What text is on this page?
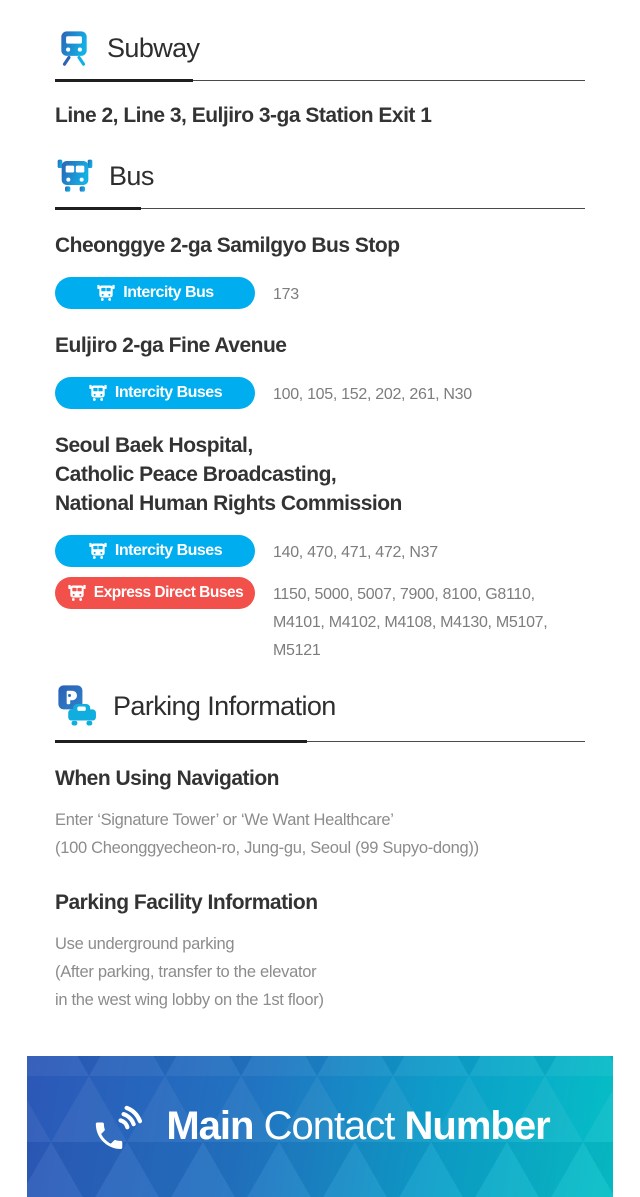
Subway
Line 2, Line 3, Euljiro 3-ga Station Exit 1
Bus
Cheonggye 2-ga Samilgyo Bus Stop
Intercity Bus	173
Euljiro 2-ga Fine Avenue
Intercity Buses	100, 105, 152, 202, 261, N30
Seoul Baek Hospital,
Catholic Peace Broadcasting,
National Human Rights Commission
Intercity Buses	140, 470, 471, 472, N37
Express Direct Buses 1150, 5000, 5007, 7900, 8100, G8110, M4101, M4102, M4108, M4130, M5107, M5121
Parking Information
When Using Navigation
Enter ‘Signature Tower’ or ‘We Want Healthcare’
(100 Cheonggyecheon-ro, Jung-gu, Seoul (99 Supyo-dong))
Parking Facility Information
Use underground parking
(After parking, transfer to the elevator
in the west wing lobby on the 1st floor)
Main Contact Number
